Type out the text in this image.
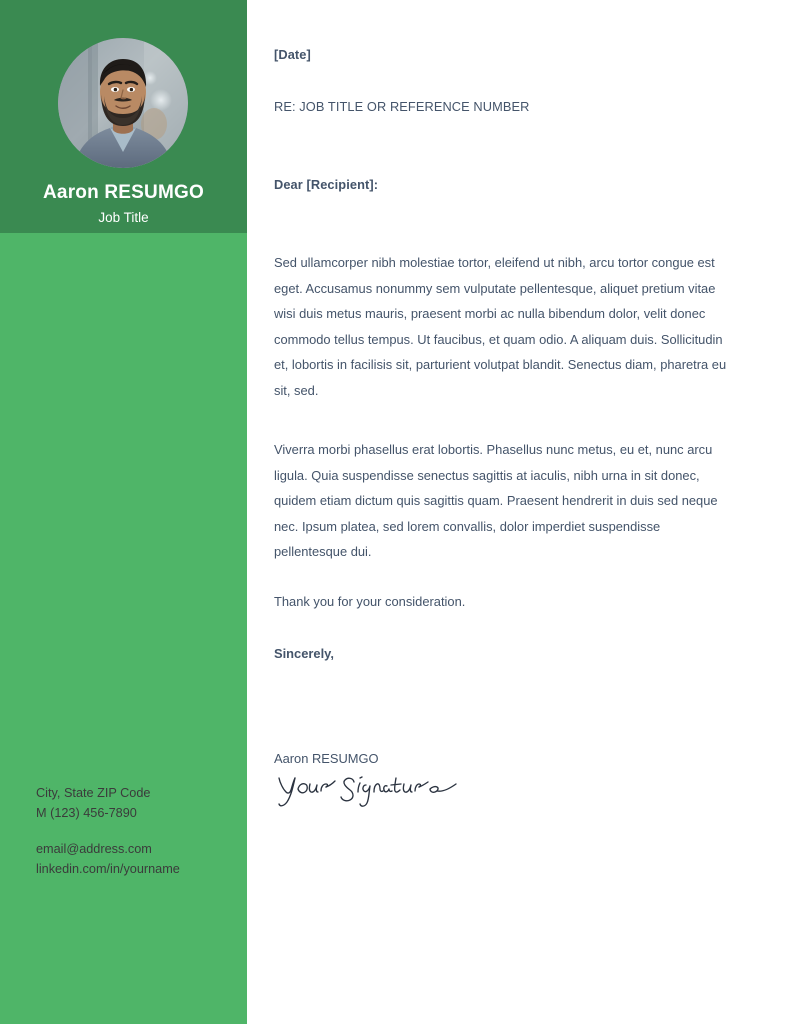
Aaron RESUMGO
Job Title
City, State ZIP Code
M (123) 456-7890
email@address.com
linkedin.com/in/yourname
[Date]
RE: JOB TITLE OR REFERENCE NUMBER
Dear [Recipient]:
Sed ullamcorper nibh molestiae tortor, eleifend ut nibh, arcu tortor congue est eget. Accusamus nonummy sem vulputate pellentesque, aliquet pretium vitae wisi duis metus mauris, praesent morbi ac nulla bibendum dolor, velit donec commodo tellus tempus. Ut faucibus, et quam odio. A aliquam duis. Sollicitudin et, lobortis in facilisis sit, parturient volutpat blandit. Senectus diam, pharetra eu sit, sed.
Viverra morbi phasellus erat lobortis. Phasellus nunc metus, eu et, nunc arcu ligula. Quia suspendisse senectus sagittis at iaculis, nibh urna in sit donec, quidem etiam dictum quis sagittis quam. Praesent hendrerit in duis sed neque nec. Ipsum platea, sed lorem convallis, dolor imperdiet suspendisse pellentesque dui.
Thank you for your consideration.
Sincerely,
Aaron RESUMGO
